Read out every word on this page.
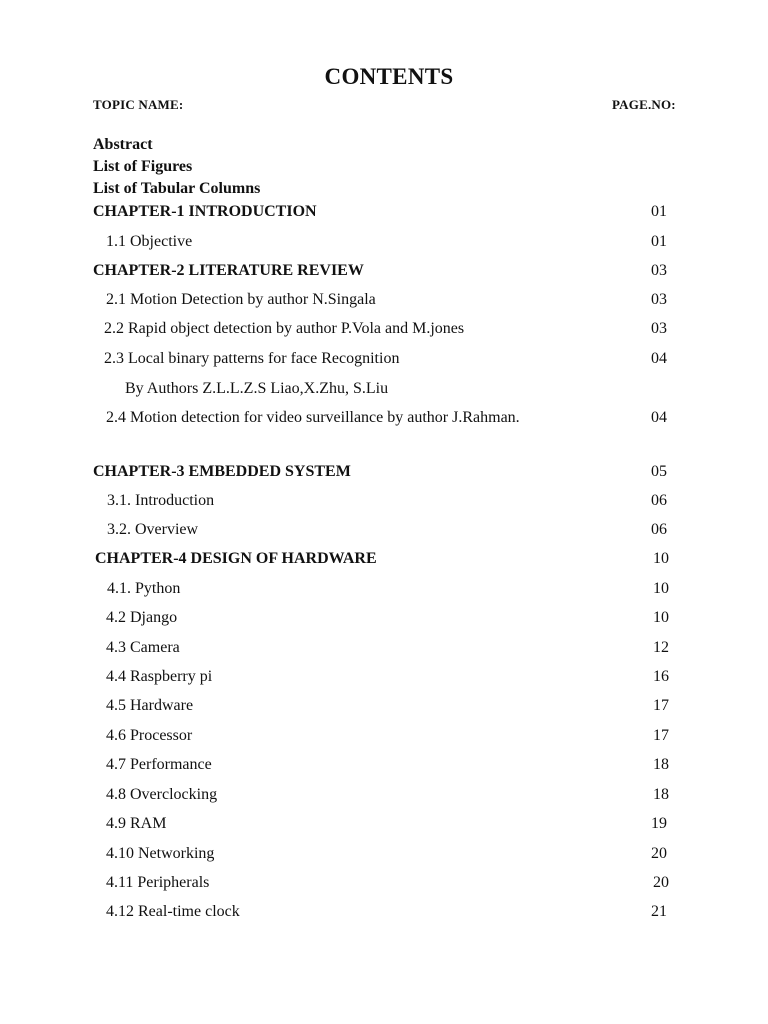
CONTENTS
TOPIC NAME:	PAGE.NO:
Abstract
List of Figures
List of Tabular Columns
CHAPTER-1 INTRODUCTION	01
1.1 Objective	01
CHAPTER-2 LITERATURE REVIEW	03
2.1 Motion Detection by author N.Singala	03
2.2 Rapid object detection by author P.Vola and M.jones	03
2.3 Local binary patterns for face Recognition	04
By Authors Z.L.L.Z.S Liao,X.Zhu, S.Liu
2.4 Motion detection for video surveillance by author J.Rahman.	04
CHAPTER-3 EMBEDDED SYSTEM	05
3.1. Introduction	06
3.2. Overview	06
CHAPTER-4 DESIGN OF HARDWARE	10
4.1. Python	10
4.2 Django	10
4.3 Camera	12
4.4 Raspberry pi	16
4.5 Hardware	17
4.6 Processor	17
4.7 Performance	18
4.8 Overclocking	18
4.9 RAM	19
4.10 Networking	20
4.11 Peripherals	20
4.12 Real-time clock	21
